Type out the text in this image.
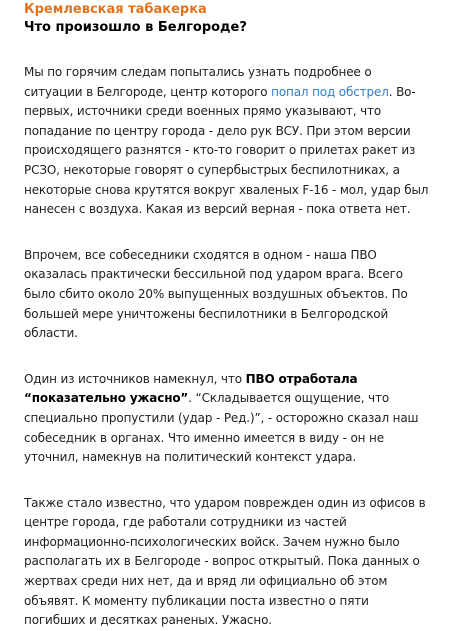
Кремлевская табакерка
Что произошло в Белгороде?
Мы по горячим следам попытались узнать подробнее о
ситуации в Белгороде, центр которого попал под обстрел. Во-
первых, источники среди военных прямо указывают, что
попадание по центру города - дело рук ВСУ. При этом версии
происходящего разнятся - кто-то говорит о прилетах ракет из
РСЗО, некоторые говорят о супербыстрых беспилотниках, а
некоторые снова крутятся вокруг хваленых F-16 - мол, удар был
нанесен с воздуха. Какая из версий верная - пока ответа нет.
Впрочем, все собеседники сходятся в одном - наша ПВО
оказалась практически бессильной под ударом врага. Всего
было сбито около 20% выпущенных воздушных объектов. По
большей мере уничтожены беспилотники в Белгородской
области.
Один из источников намекнул, что ПВО отработала
“показательно ужасно”. “Складывается ощущение, что
специально пропустили (удар - Ред.)”, - осторожно сказал наш
собеседник в органах. Что именно имеется в виду - он не
уточнил, намекнув на политический контекст удара.
Также стало известно, что ударом поврежден один из офисов в
центре города, где работали сотрудники из частей
информационно-психологических войск. Зачем нужно было
располагать их в Белгороде - вопрос открытый. Пока данных о
жертвах среди них нет, да и вряд ли официально об этом
объявят. К моменту публикации поста известно о пяти
погибших и десятках раненых. Ужасно.
